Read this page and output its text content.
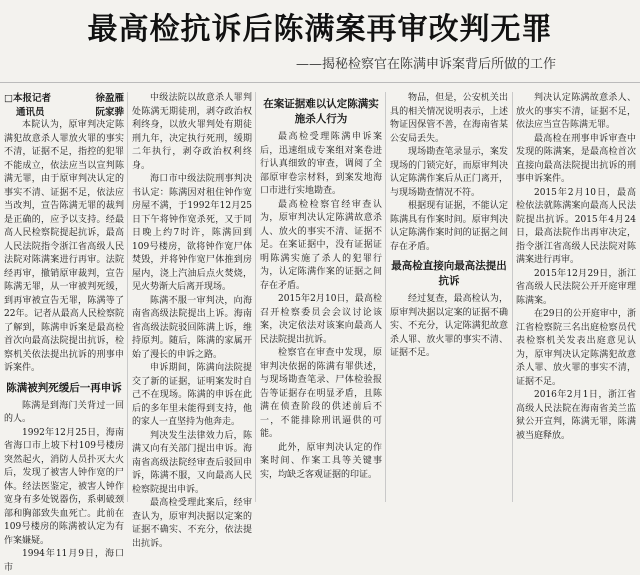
最高检抗诉后陈满案再审改判无罪
——揭秘检察官在陈满申诉案背后所做的工作
□本报记者	徐盈雁
通讯员	阮家骅

本院认为，原审判决定陈满犯故意杀人罪放火罪的事实不清，证据不足，指控的犯罪不能成立，依法应当以宣判陈满无罪，由于原审判决认定的事实不清、证据不足，依法应当改判，宣告陈满无罪的裁判是正确的，应予以支持。经最高人民检察院提起抗诉，最高人民法院指令浙江省高级人民法院对陈满案进行再审。法院经再审，撤销原审裁判，宣告陈满无罪，从一审被判死缓，到再审被宣告无罪，陈满等了22年。记者从最高人民检察院了解到，陈满申诉案是最高检首次向最高法院提出抗诉，检察机关依法提出抗诉的刑事申诉案件。

陈满被判死缓后一再申诉

陈满是到海门关背过一回的人。

1992年12月25日，海南省海口市上坡下村109号楼房突然起火，消防人员扑灭大火后，发现了被害人钟作宽的尸体。经法医鉴定，被害人钟作宽身有多处锐器伤，系刺破颈部和胸部致失血死亡。此前在109号楼房的陈满被认定为有作案嫌疑。

1994年11月9日，海口市

中级法院以故意杀人罪判处陈满无期徒刑，剥夺政治权利终身，以放火罪判处有期徒刑九年，决定执行死刑，缓期二年执行，剥夺政治权利终身。

海口市中级法院刑事判决书认定：陈满因对租住钟作宽房屋不满，于1992年12月25日下午将钟作宽杀死，又于同日晚上约7时许，陈满回到109号楼房，欲将钟作宽尸体焚毁，并将钟作宽尸体推到房屋内，浇上汽油后点火焚烧，见火势渐大后离开现场。

陈满不服一审判决，向海南省高级法院提出上诉。海南省高级法院驳回陈满上诉，维持原判。随后，陈满的家属开始了漫长的申诉之路。

申诉期间，陈满向法院提交了新的证据，证明案发时自己不在现场。陈满的申诉在此后的多年里未能得到支持，他的家人一直坚持为他奔走。

判决发生法律效力后，陈满又向有关部门提出申诉。海南省高级法院经审查后驳回申诉，陈满不服，又向最高人民检察院提出申诉。

最高检受理此案后，经审查认为，原审判决据以定案的证据不确实、不充分，依法提出抗诉。

在案证据难以认定陈满实施杀人行为

最高检受理陈满申诉案后，迅速组成专案组对案卷进行认真细致的审查，调阅了全部原审卷宗材料，到案发地海口市进行实地勘查。

最高检检察官经审查认为，原审判决认定陈满故意杀人、放火的事实不清、证据不足。在案证据中，没有证据证明陈满实施了杀人的犯罪行为，认定陈满作案的证据之间存在矛盾。

2015年2月10日，最高检召开检察委员会会议讨论该案，决定依法对该案向最高人民法院提出抗诉。

检察官在审查中发现，原审判决依据的陈满有罪供述，与现场勘查笔录、尸体检验报告等证据存在明显矛盾，且陈满在侦查阶段的供述前后不一，不能排除刑讯逼供的可能。

此外，原审判决认定的作案时间、作案工具等关键事实，均缺乏客观证据的印证。

物品，但是，公安机关出具的相关情况说明表示，上述物证因保管不善，在海南省某公安局丢失。

现场勘查笔录显示，案发现场的门锁完好，而原审判决认定陈满作案后从正门离开，与现场勘查情况不符。

根据现有证据，不能认定陈满具有作案时间。原审判决认定陈满作案时间的证据之间存在矛盾。

最高检直接向最高法提出抗诉

经过复查，最高检认为，原审判决据以定案的证据不确实、不充分，认定陈满犯故意杀人罪、放火罪的事实不清、证据不足。

判决认定陈满故意杀人、放火的事实不清，证据不足，依法应当宣告陈满无罪。

最高检在刑事申诉审查中发现的陈满案，是最高检首次直接向最高法院提出抗诉的刑事申诉案件。

2015年2月10日，最高检依法就陈满案向最高人民法院提出抗诉。2015年4月24日，最高法院作出再审决定，指令浙江省高级人民法院对陈满案进行再审。

2015年12月29日，浙江省高级人民法院公开开庭审理陈满案。

在29日的公开庭审中，浙江省检察院三名出庭检察员代表检察机关发表出庭意见认为，原审判决认定陈满犯故意杀人罪、放火罪的事实不清，证据不足。

2016年2月1日，浙江省高级人民法院在海南省美兰监狱公开宣判，陈满无罪，陈满被当庭释放。
